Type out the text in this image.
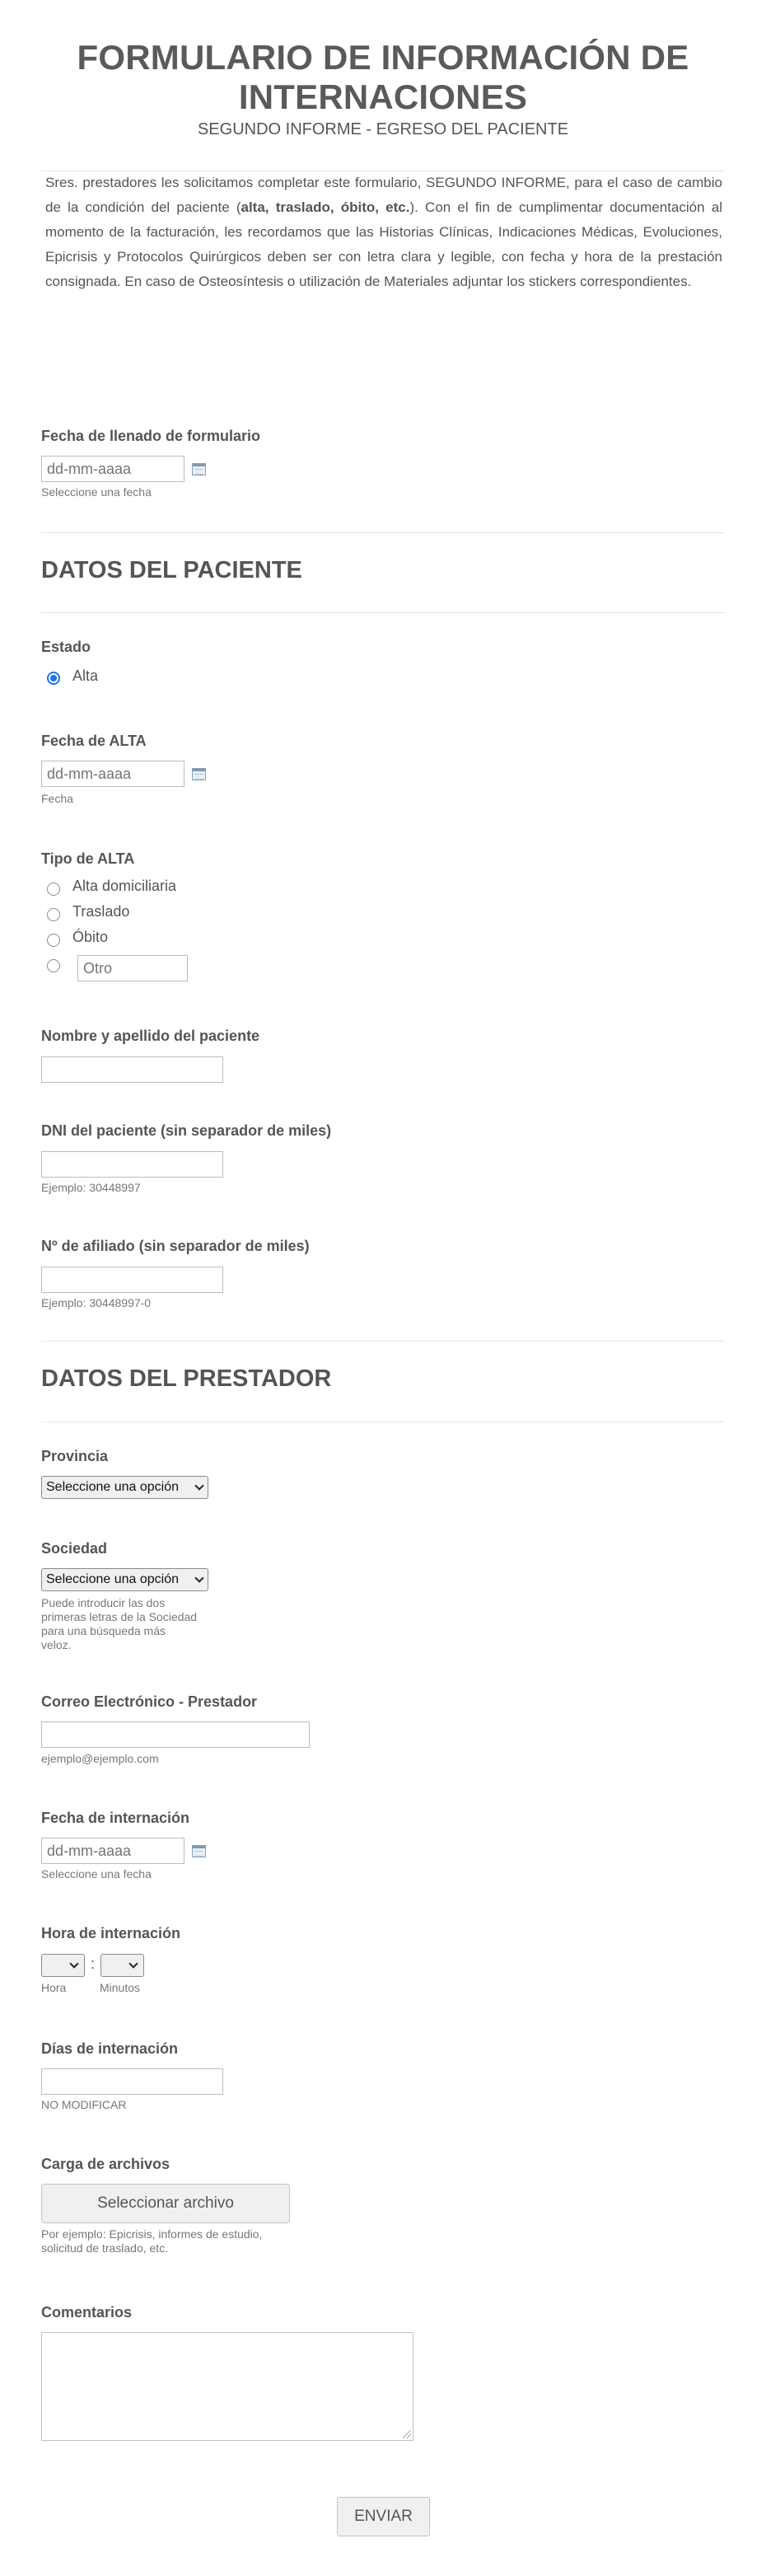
FORMULARIO DE INFORMACIÓN DE
INTERNACIONES
SEGUNDO INFORME - EGRESO DEL PACIENTE
Sres. prestadores les solicitamos completar este formulario, SEGUNDO INFORME, para el caso de cambio de la condición del paciente (alta, traslado, óbito, etc.). Con el fin de cumplimentar documentación al momento de la facturación, les recordamos que las Historias Clínicas, Indicaciones Médicas, Evoluciones, Epicrisis y Protocolos Quirúrgicos deben ser con letra clara y legible, con fecha y hora de la prestación consignada. En caso de Osteosíntesis o utilización de Materiales adjuntar los stickers correspondientes.
Fecha de llenado de formulario
dd-mm-aaaa
Seleccione una fecha
DATOS DEL PACIENTE
Estado
Alta
Fecha de ALTA
dd-mm-aaaa
Fecha
Tipo de ALTA
Alta domiciliaria
Traslado
Óbito
Otro
Nombre y apellido del paciente
DNI del paciente (sin separador de miles)
Ejemplo: 30448997
Nº de afiliado (sin separador de miles)
Ejemplo: 30448997-0
DATOS DEL PRESTADOR
Provincia
Seleccione una opción
Sociedad
Seleccione una opción
Puede introducir las dos
primeras letras de la Sociedad
para una búsqueda más
veloz.
Correo Electrónico - Prestador
ejemplo@ejemplo.com
Fecha de internación
dd-mm-aaaa
Seleccione una fecha
Hora de internación
:
Hora	Minutos
Días de internación
NO MODIFICAR
Carga de archivos
Seleccionar archivo
Por ejemplo: Epicrisis, informes de estudio,
solicitud de traslado, etc.
Comentarios
ENVIAR
